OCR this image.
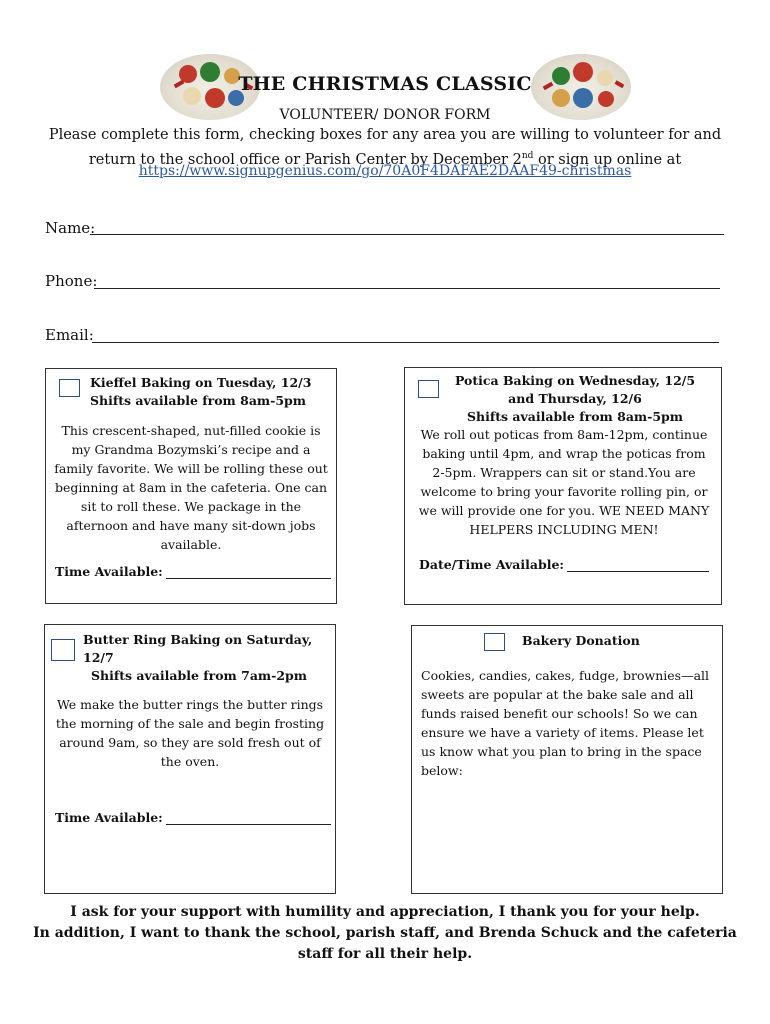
THE CHRISTMAS CLASSIC
VOLUNTEER/ DONOR FORM
Please complete this form, checking boxes for any area you are willing to volunteer for and return to the school office or Parish Center by December 2nd or sign up online at
https://www.signupgenius.com/go/70A0F4DAFAE2DAAF49-christmas
Name:
Phone:
Email:
Kieffel Baking on Tuesday, 12/3
Shifts available from 8am-5pm
This crescent-shaped, nut-filled cookie is my Grandma Bozymski’s recipe and a family favorite. We will be rolling these out beginning at 8am in the cafeteria. One can sit to roll these. We package in the afternoon and have many sit-down jobs available.
Time Available:
Potica Baking on Wednesday, 12/5 and Thursday, 12/6
Shifts available from 8am-5pm
We roll out poticas from 8am-12pm, continue baking until 4pm, and wrap the poticas from 2-5pm. Wrappers can sit or stand.You are welcome to bring your favorite rolling pin, or we will provide one for you. WE NEED MANY HELPERS INCLUDING MEN!
Date/Time Available:
Butter Ring Baking on Saturday, 12/7
Shifts available from 7am-2pm
We make the butter rings the butter rings the morning of the sale and begin frosting around 9am, so they are sold fresh out of the oven.
Time Available:
Bakery Donation
Cookies, candies, cakes, fudge, brownies—all sweets are popular at the bake sale and all funds raised benefit our schools! So we can ensure we have a variety of items. Please let us know what you plan to bring in the space below:
I ask for your support with humility and appreciation, I thank you for your help.
In addition, I want to thank the school, parish staff, and Brenda Schuck and the cafeteria staff for all their help.
